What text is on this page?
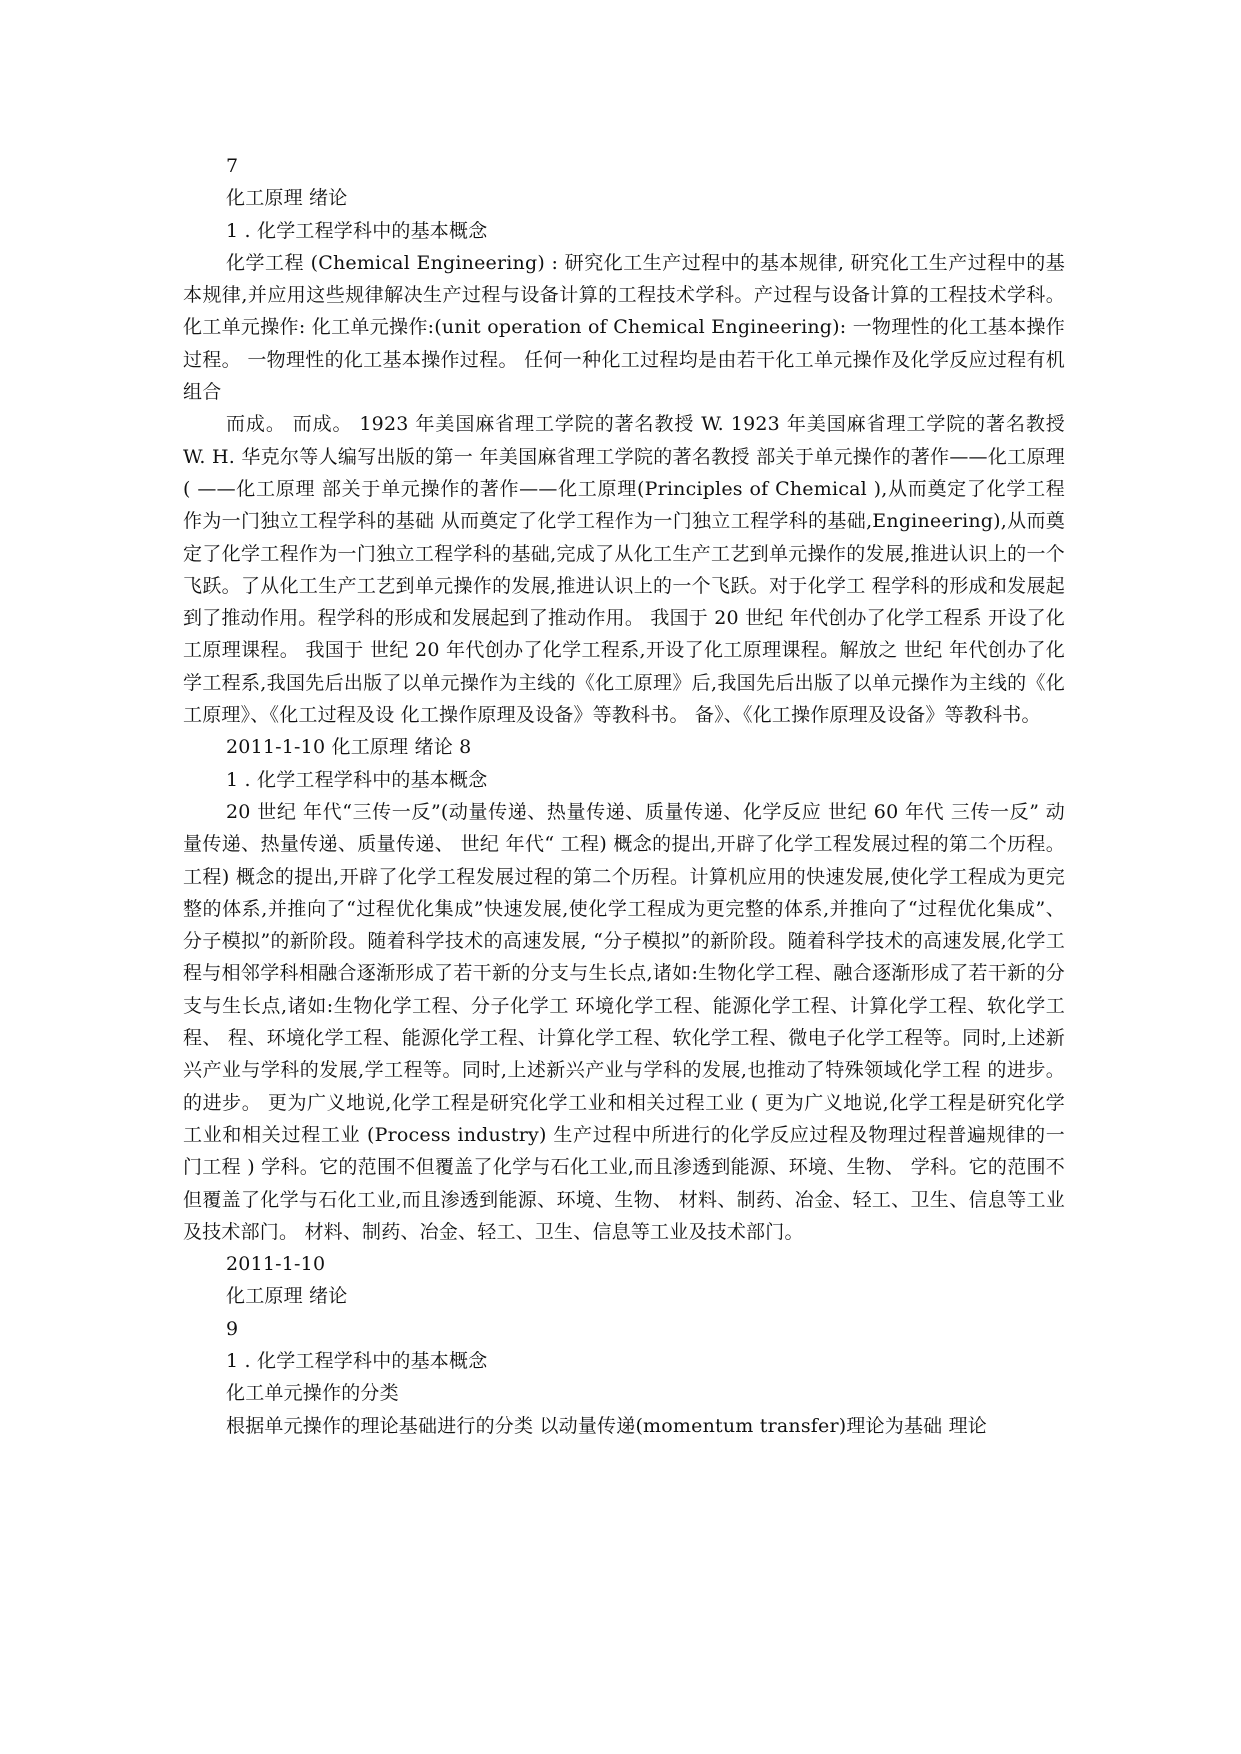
7
化工原理 绪论
1 . 化学工程学科中的基本概念
化学工程 (Chemical Engineering) : 研究化工生产过程中的基本规律, 研究化工生产过程中的基本规律,并应用这些规律解决生产过程与设备计算的工程技术学科。产过程与设备计算的工程技术学科。 化工单元操作: 化工单元操作:(unit operation of Chemical Engineering): 一物理性的化工基本操作过程。 一物理性的化工基本操作过程。 任何一种化工过程均是由若干化工单元操作及化学反应过程有机组合
而成。 而成。 1923 年美国麻省理工学院的著名教授 W. 1923 年美国麻省理工学院的著名教授 W. H. 华克尔等人编写出版的第一 年美国麻省理工学院的著名教授 部关于单元操作的著作——化工原理( ——化工原理 部关于单元操作的著作——化工原理(Principles of Chemical ),从而奠定了化学工程作为一门独立工程学科的基础 从而奠定了化学工程作为一门独立工程学科的基础,Engineering),从而奠定了化学工程作为一门独立工程学科的基础,完成了从化工生产工艺到单元操作的发展,推进认识上的一个飞跃。了从化工生产工艺到单元操作的发展,推进认识上的一个飞跃。对于化学工 程学科的形成和发展起到了推动作用。程学科的形成和发展起到了推动作用。 我国于 20 世纪 年代创办了化学工程系 开设了化工原理课程。 我国于 世纪 20 年代创办了化学工程系,开设了化工原理课程。解放之 世纪 年代创办了化学工程系,我国先后出版了以单元操作为主线的《化工原理》后,我国先后出版了以单元操作为主线的《化工原理》、《化工过程及设 化工操作原理及设备》等教科书。 备》、《化工操作原理及设备》等教科书。
2011-1-10 化工原理 绪论 8
1 . 化学工程学科中的基本概念
20 世纪 年代“三传一反”(动量传递、热量传递、质量传递、化学反应 世纪 60 年代 三传一反” 动量传递、热量传递、质量传递、 世纪 年代“ 工程) 概念的提出,开辟了化学工程发展过程的第二个历程。 工程) 概念的提出,开辟了化学工程发展过程的第二个历程。计算机应用的快速发展,使化学工程成为更完整的体系,并推向了“过程优化集成”快速发展,使化学工程成为更完整的体系,并推向了“过程优化集成”、 分子模拟”的新阶段。随着科学技术的高速发展, “分子模拟”的新阶段。随着科学技术的高速发展,化学工程与相邻学科相融合逐渐形成了若干新的分支与生长点,诸如:生物化学工程、融合逐渐形成了若干新的分支与生长点,诸如:生物化学工程、分子化学工 环境化学工程、能源化学工程、计算化学工程、软化学工程、 程、环境化学工程、能源化学工程、计算化学工程、软化学工程、微电子化学工程等。同时,上述新兴产业与学科的发展,学工程等。同时,上述新兴产业与学科的发展,也推动了特殊领域化学工程 的进步。 的进步。 更为广义地说,化学工程是研究化学工业和相关过程工业 ( 更为广义地说,化学工程是研究化学工业和相关过程工业 (Process industry) 生产过程中所进行的化学反应过程及物理过程普遍规律的一门工程 ) 学科。它的范围不但覆盖了化学与石化工业,而且渗透到能源、环境、生物、 学科。它的范围不但覆盖了化学与石化工业,而且渗透到能源、环境、生物、 材料、制药、冶金、轻工、卫生、信息等工业及技术部门。 材料、制药、冶金、轻工、卫生、信息等工业及技术部门。
2011-1-10
化工原理 绪论
9
1 . 化学工程学科中的基本概念
化工单元操作的分类
根据单元操作的理论基础进行的分类 以动量传递(momentum transfer)理论为基础 理论
